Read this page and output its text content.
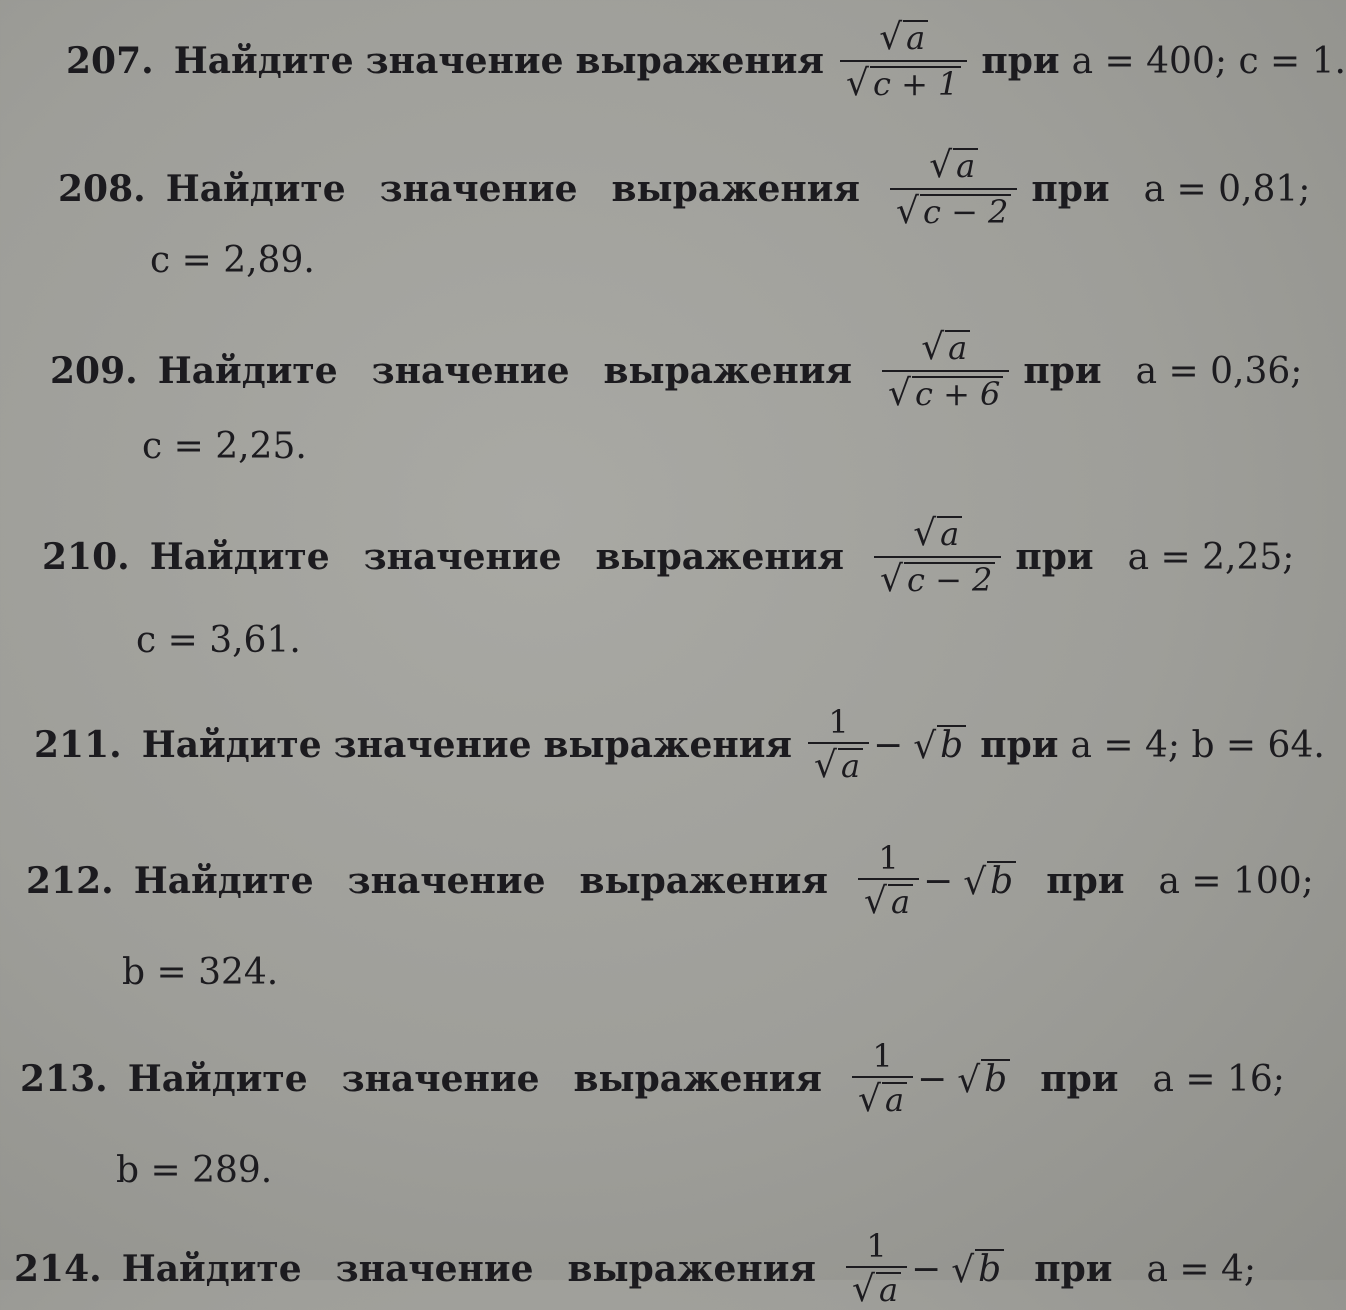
207. Найдите значение выражения $\frac{√ a}{√ c + 1}$ при a = 400; c = 1.
208. Найдите значение выражения $\frac{√ a}{√ c - 2}$ при a = 0,81;
c = 2,89.
209. Найдите значение выражения $\frac{√ a}{√ c + 6}$ при a = 0,36;
c = 2,25.
210. Найдите значение выражения $\frac{√ a}{√ c - 2}$ при a = 2,25;
c = 3,61.
211. Найдите значение выражения $\frac{1}{√ a}$ − √ b при a = 4; b = 64.
212. Найдите значение выражения $\frac{1}{√ a}$ − √ b при a = 100;
b = 324.
213. Найдите значение выражения $\frac{1}{√ a}$ − √ b при a = 16;
b = 289.
214. Найдите значение выражения $\frac{1}{√ a}$ − √ b при a = 4;
